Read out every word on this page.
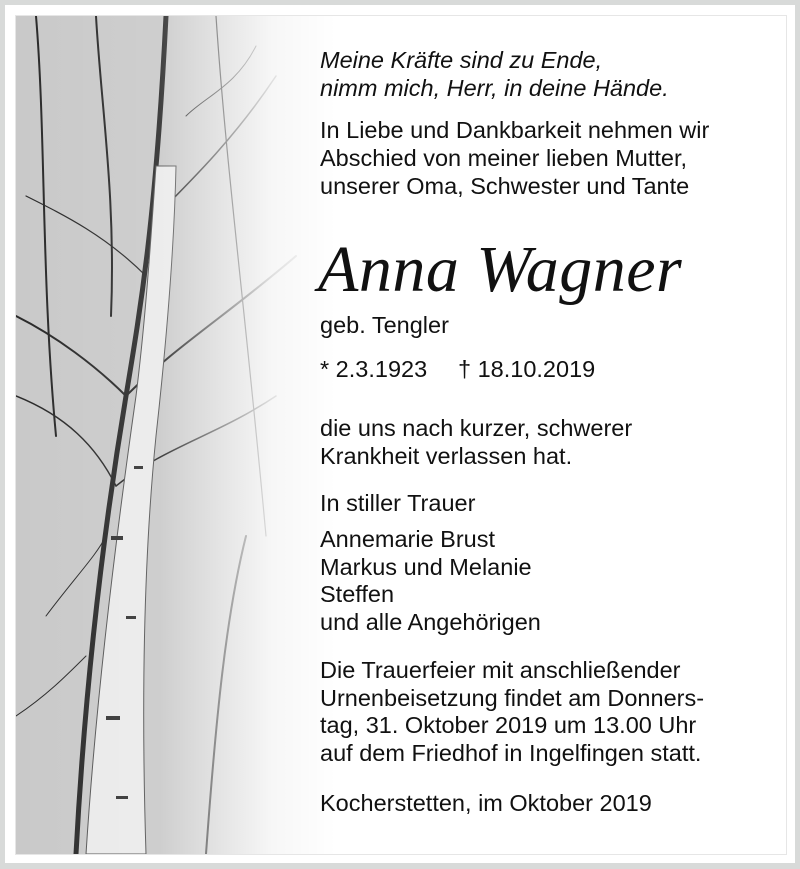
Meine Kräfte sind zu Ende,
nimm mich, Herr, in deine Hände.
In Liebe und Dankbarkeit nehmen wir
Abschied von meiner lieben Mutter,
unserer Oma, Schwester und Tante
Anna Wagner
geb. Tengler
* 2.3.1923 † 18.10.2019
die uns nach kurzer, schwerer
Krankheit verlassen hat.
In stiller Trauer
Annemarie Brust
Markus und Melanie
Steffen
und alle Angehörigen
Die Trauerfeier mit anschließender
Urnenbeisetzung findet am Donners-
tag, 31. Oktober 2019 um 13.00 Uhr
auf dem Friedhof in Ingelfingen statt.
Kocherstetten, im Oktober 2019
